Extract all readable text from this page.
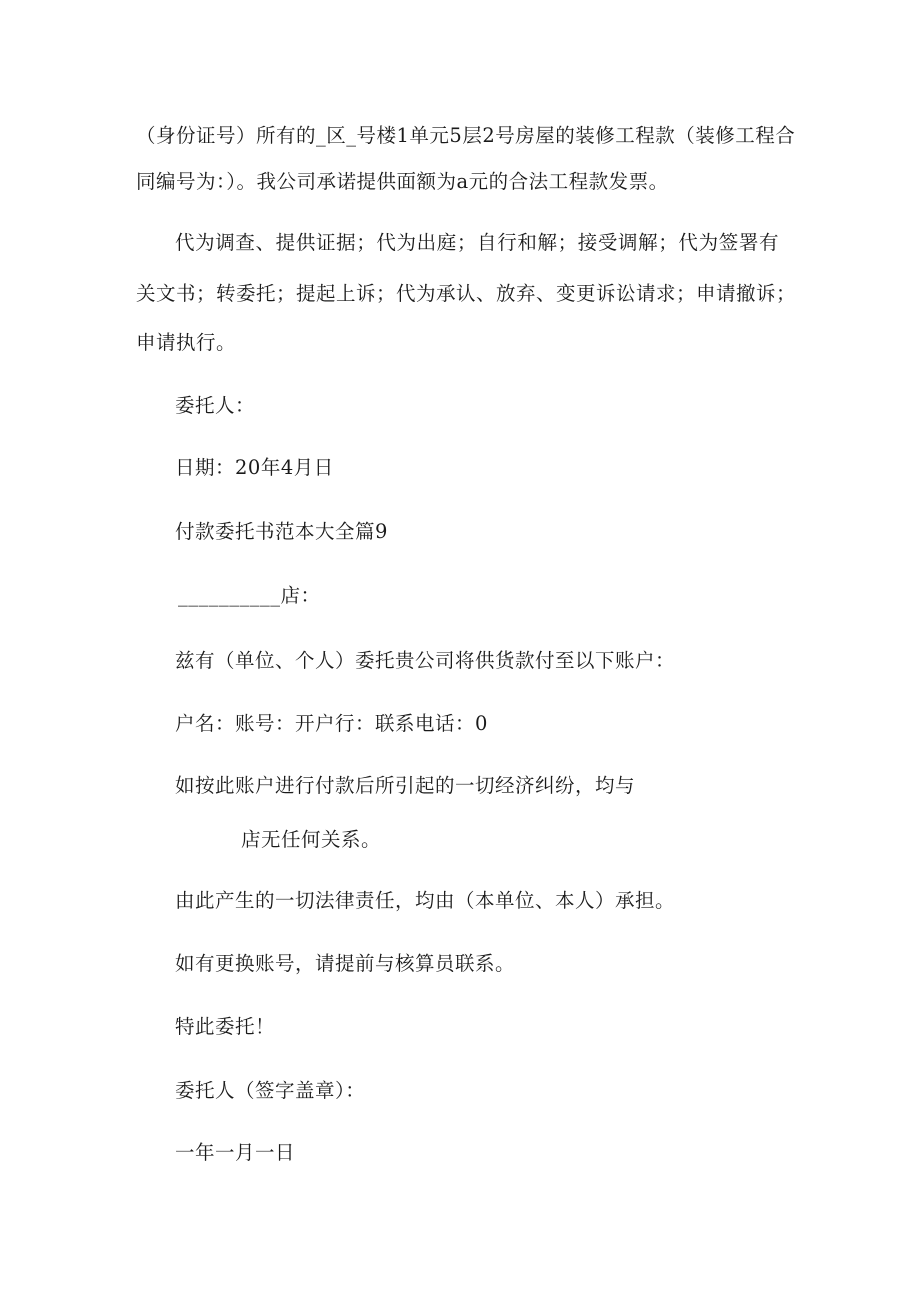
（身份证号）所有的_区_号楼1单元5层2号房屋的装修工程款（装修工程合
同编号为：）。我公司承诺提供面额为a元的合法工程款发票。
代为调查、提供证据；代为出庭；自行和解；接受调解；代为签署有
关文书；转委托；提起上诉；代为承认、放弃、变更诉讼请求；申请撤诉；
申请执行。
委托人：
日期：20年4月日
付款委托书范本大全篇9
__________店：
兹有（单位、个人）委托贵公司将供货款付至以下账户：
户名：账号：开户行：联系电话：0
如按此账户进行付款后所引起的一切经济纠纷，均与
店无任何关系。
由此产生的一切法律责任，均由（本单位、本人）承担。
如有更换账号，请提前与核算员联系。
特此委托！
委托人（签字盖章）：
一年一月一日
